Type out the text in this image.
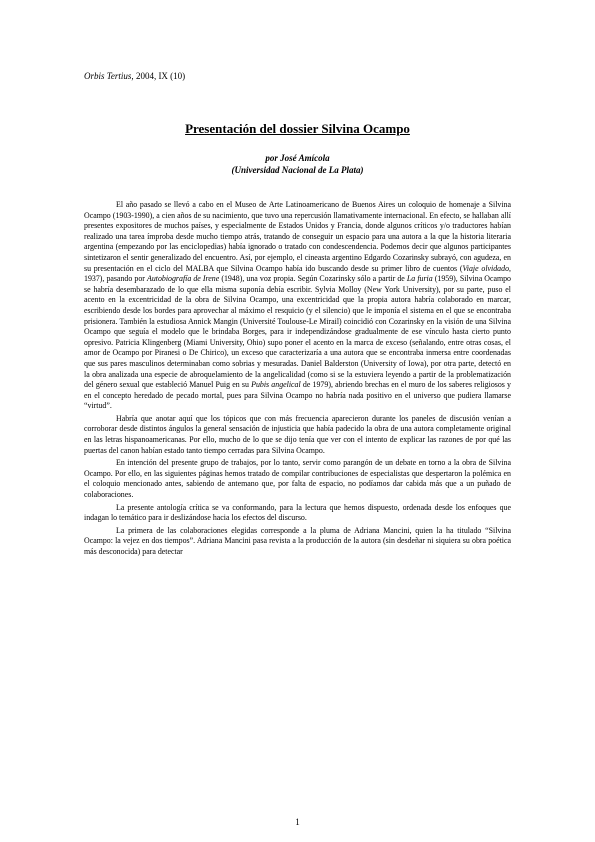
Orbis Tertius, 2004, IX (10)
Presentación del dossier Silvina Ocampo
por José Amícola
(Universidad Nacional de La Plata)

El año pasado se llevó a cabo en el Museo de Arte Latinoamericano de Buenos Aires un coloquio de homenaje a Silvina Ocampo (1903-1990), a cien años de su nacimiento, que tuvo una repercusión llamativamente internacional. En efecto, se hallaban allí presentes expositores de muchos países, y especialmente de Estados Unidos y Francia, donde algunos críticos y/o traductores habían realizado una tarea ímproba desde mucho tiempo atrás, tratando de conseguir un espacio para una autora a la que la historia literaria argentina (empezando por las enciclopedias) había ignorado o tratado con condescendencia. Podemos decir que algunos participantes sintetizaron el sentir generalizado del encuentro. Así, por ejemplo, el cineasta argentino Edgardo Cozarinsky subrayó, con agudeza, en su presentación en el ciclo del MALBA que Silvina Ocampo había ido buscando desde su primer libro de cuentos (Viaje olvidado, 1937), pasando por Autobiografía de Irene (1948), una voz propia. Según Cozarinsky sólo a partir de La furia (1959), Silvina Ocampo se habría desembarazado de lo que ella misma suponía debía escribir. Sylvia Molloy (New York University), por su parte, puso el acento en la excentricidad de la obra de Silvina Ocampo, una excentricidad que la propia autora habría colaborado en marcar, escribiendo desde los bordes para aprovechar al máximo el resquicio (y el silencio) que le imponía el sistema en el que se encontraba prisionera. También la estudiosa Annick Mangin (Université Toulouse-Le Mirail) coincidió con Cozarinsky en la visión de una Silvina Ocampo que seguía el modelo que le brindaba Borges, para ir independizándose gradualmente de ese vínculo hasta cierto punto opresivo. Patricia Klingenberg (Miami University, Ohio) supo poner el acento en la marca de exceso (señalando, entre otras cosas, el amor de Ocampo por Piranesi o De Chirico), un exceso que caracterizaría a una autora que se encontraba inmersa entre coordenadas que sus pares masculinos determinaban como sobrias y mesuradas. Daniel Balderston (University of Iowa), por otra parte, detectó en la obra analizada una especie de abroquelamiento de la angelicalidad (como si se la estuviera leyendo a partir de la problematización del género sexual que estableció Manuel Puig en su Pubis angelical de 1979), abriendo brechas en el muro de los saberes religiosos y en el concepto heredado de pecado mortal, pues para Silvina Ocampo no habría nada positivo en el universo que pudiera llamarse “virtud”.

Habría que anotar aquí que los tópicos que con más frecuencia aparecieron durante los paneles de discusión venían a corroborar desde distintos ángulos la general sensación de injusticia que había padecido la obra de una autora completamente original en las letras hispanoamericanas. Por ello, mucho de lo que se dijo tenía que ver con el intento de explicar las razones de por qué las puertas del canon habían estado tanto tiempo cerradas para Silvina Ocampo.

En intención del presente grupo de trabajos, por lo tanto, servir como parangón de un debate en torno a la obra de Silvina Ocampo. Por ello, en las siguientes páginas hemos tratado de compilar contribuciones de especialistas que despertaron la polémica en el coloquio mencionado antes, sabiendo de antemano que, por falta de espacio, no podíamos dar cabida más que a un puñado de colaboraciones.

La presente antología crítica se va conformando, para la lectura que hemos dispuesto, ordenada desde los enfoques que indagan lo temático para ir deslizándose hacia los efectos del discurso.

La primera de las colaboraciones elegidas corresponde a la pluma de Adriana Mancini, quien la ha titulado “Silvina Ocampo: la vejez en dos tiempos”. Adriana Mancini pasa revista a la producción de la autora (sin desdeñar ni siquiera su obra poética más desconocida) para detectar

1
